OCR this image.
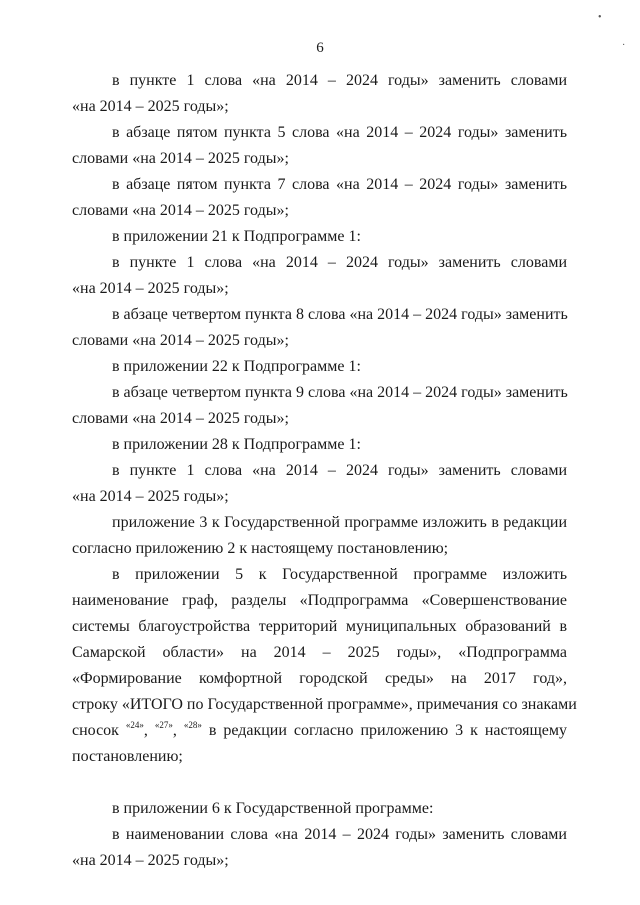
6
в пункте 1 слова «на 2014 – 2024 годы» заменить словами
«на 2014 – 2025 годы»;
в абзаце пятом пункта 5 слова «на 2014 – 2024 годы» заменить
словами «на 2014 – 2025 годы»;
в абзаце пятом пункта 7 слова «на 2014 – 2024 годы» заменить
словами «на 2014 – 2025 годы»;
в приложении 21 к Подпрограмме 1:
в пункте 1 слова «на 2014 – 2024 годы» заменить словами
«на 2014 – 2025 годы»;
в абзаце четвертом пункта 8 слова «на 2014 – 2024 годы» заменить
словами «на 2014 – 2025 годы»;
в приложении 22 к Подпрограмме 1:
в абзаце четвертом пункта 9 слова «на 2014 – 2024 годы» заменить
словами «на 2014 – 2025 годы»;
в приложении 28 к Подпрограмме 1:
в пункте 1 слова «на 2014 – 2024 годы» заменить словами
«на 2014 – 2025 годы»;
приложение 3 к Государственной программе изложить в редакции
согласно приложению 2 к настоящему постановлению;
в приложении 5 к Государственной программе изложить
наименование граф, разделы «Подпрограмма «Совершенствование
системы благоустройства территорий муниципальных образований в
Самарской области» на 2014 – 2025 годы», «Подпрограмма
«Формирование комфортной городской среды» на 2017 год»,
строку «ИТОГО по Государственной программе», примечания со знаками
сносок $^{«24»}$, $^{«27»}$, $^{«28»}$ в редакции согласно приложению 3 к настоящему
постановлению;
в приложении 6 к Государственной программе:
в наименовании слова «на 2014 – 2024 годы» заменить словами
«на 2014 – 2025 годы»;
•
·
